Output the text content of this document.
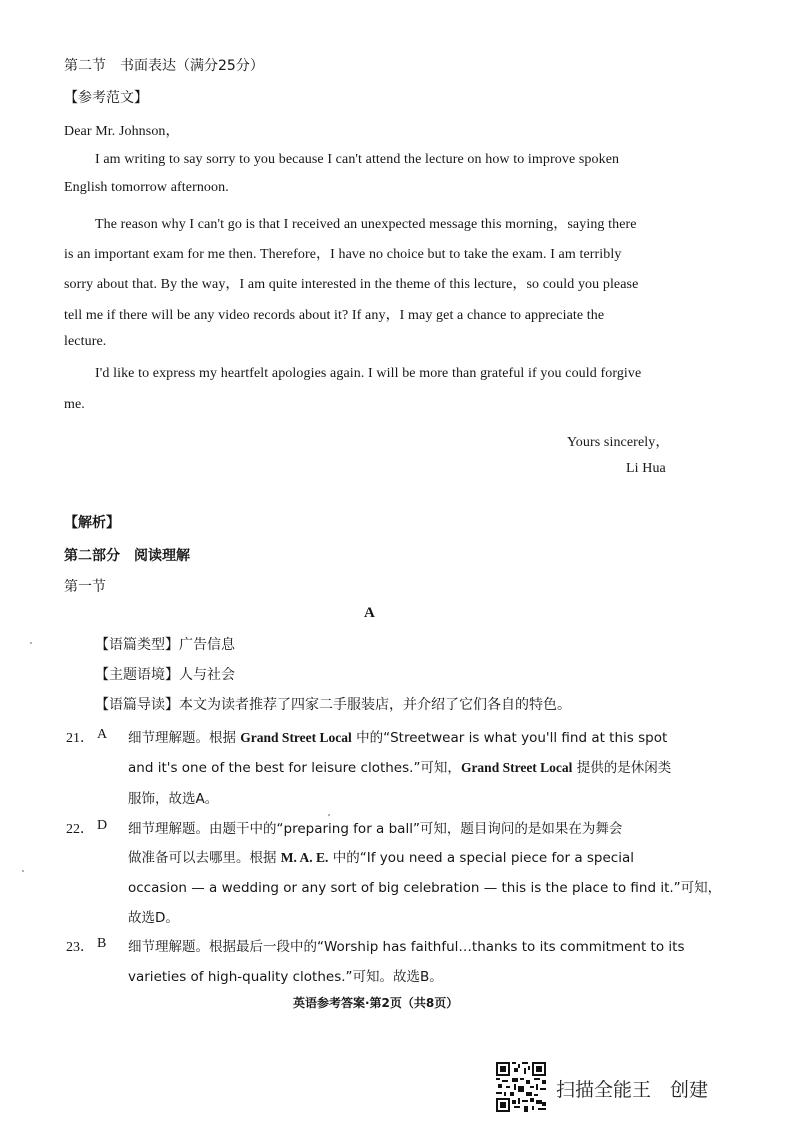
第二节　书面表达（满分25分）
【参考范文】
Dear Mr. Johnson，
I am writing to say sorry to you because I can't attend the lecture on how to improve spoken
English tomorrow afternoon.
The reason why I can't go is that I received an unexpected message this morning，saying there
is an important exam for me then. Therefore，I have no choice but to take the exam. I am terribly
sorry about that. By the way，I am quite interested in the theme of this lecture，so could you please
tell me if there will be any video records about it? If any，I may get a chance to appreciate the
lecture.
I'd like to express my heartfelt apologies again. I will be more than grateful if you could forgive
me.
Yours sincerely，
Li Hua
【解析】
第二部分　阅读理解
第一节
A
【语篇类型】广告信息
【主题语境】人与社会
【语篇导读】本文为读者推荐了四家二手服装店，并介绍了它们各自的特色。
21． A 细节理解题。根据 Grand Street Local 中的“Streetwear is what you'll find at this spot
and it's one of the best for leisure clothes.”可知，Grand Street Local 提供的是休闲类
服饰，故选A。
22． D 细节理解题。由题干中的“preparing for a ball”可知，题目询问的是如果在为舞会
做准备可以去哪里。根据 M. A. E. 中的“If you need a special piece for a special
occasion — a wedding or any sort of big celebration — this is the place to find it.”可知，
故选D。
23． B 细节理解题。根据最后一段中的“Worship has faithful…thanks to its commitment to its
varieties of high-quality clothes.”可知。故选B。
英语参考答案·第2页（共8页）
扫描全能王　创建
